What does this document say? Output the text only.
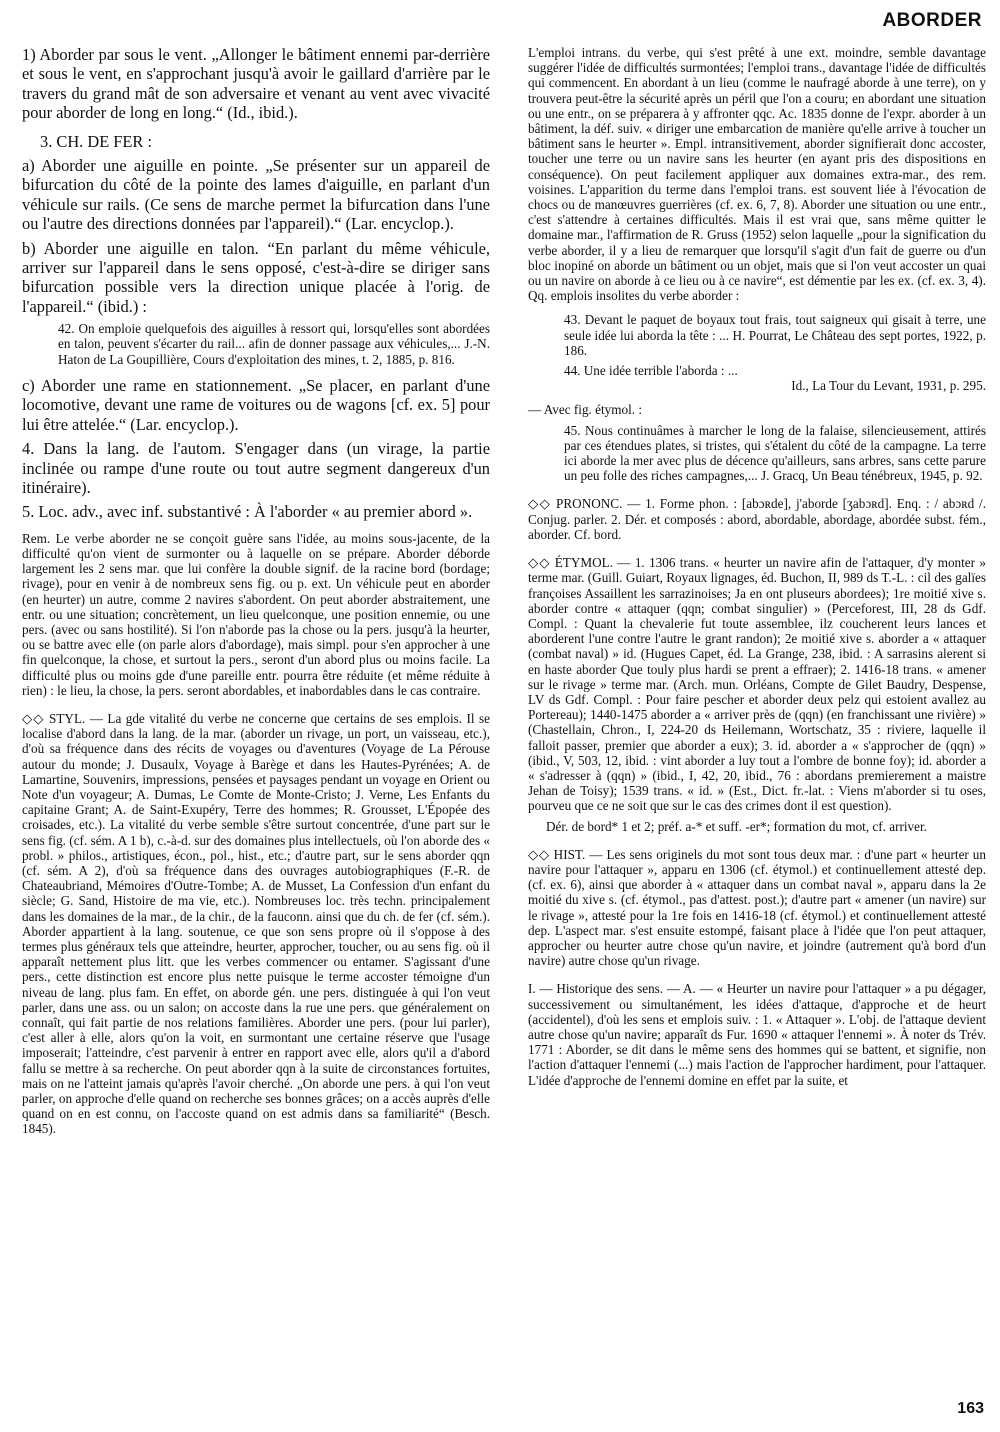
ABORDER

1) Aborder par sous le vent. „Allonger le bâtiment ennemi par-derrière et sous le vent, en s'approchant jusqu'à avoir le gaillard d'arrière par le travers du grand mât de son adversaire et venant au vent avec vivacité pour aborder de long en long.“ (Id., ibid.).

3. CH. DE FER :

a) Aborder une aiguille en pointe. „Se présenter sur un appareil de bifurcation du côté de la pointe des lames d'aiguille, en parlant d'un véhicule sur rails. (Ce sens de marche permet la bifurcation dans l'une ou l'autre des directions données par l'appareil).“ (Lar. encyclop.).

b) Aborder une aiguille en talon. “En parlant du même véhicule, arriver sur l'appareil dans le sens opposé, c'est-à-dire se diriger sans bifurcation possible vers la direction unique placée à l'orig. de l'appareil.“ (ibid.) :

42. On emploie quelquefois des aiguilles à ressort qui, lorsqu'elles sont abordées en talon, peuvent s'écarter du rail... afin de donner passage aux véhicules,... J.-N. Haton de La Goupillière, Cours d'exploitation des mines, t. 2, 1885, p. 816.

c) Aborder une rame en stationnement. „Se placer, en parlant d'une locomotive, devant une rame de voitures ou de wagons [cf. ex. 5] pour lui être attelée.“ (Lar. encyclop.).

4. Dans la lang. de l'autom. S'engager dans (un virage, la partie inclinée ou rampe d'une route ou tout autre segment dangereux d'un itinéraire).

5. Loc. adv., avec inf. substantivé : À l'aborder « au premier abord ».

Rem. Le verbe aborder ne se conçoit guère sans l'idée, au moins sous-jacente, de la difficulté qu'on vient de surmonter ou à laquelle on se prépare. Aborder déborde largement les 2 sens mar. que lui confère la double signif. de la racine bord (bordage; rivage), pour en venir à de nombreux sens fig. ou p. ext. Un véhicule peut en aborder (en heurter) un autre, comme 2 navires s'abordent. On peut aborder abstraitement, une entr. ou une situation; concrètement, un lieu quelconque, une position ennemie, ou une pers. (avec ou sans hostilité). Si l'on n'aborde pas la chose ou la pers. jusqu'à la heurter, ou se battre avec elle (on parle alors d'abordage), mais simpl. pour s'en approcher à une fin quelconque, la chose, et surtout la pers., seront d'un abord plus ou moins facile. La difficulté plus ou moins gde d'une pareille entr. pourra être réduite (et même réduite à rien) : le lieu, la chose, la pers. seront abordables, et inabordables dans le cas contraire.

◇◇ STYL. — La gde vitalité du verbe ne concerne que certains de ses emplois. Il se localise d'abord dans la lang. de la mar. (aborder un rivage, un port, un vaisseau, etc.), d'où sa fréquence dans des récits de voyages ou d'aventures (Voyage de La Pérouse autour du monde; J. Dusaulx, Voyage à Barège et dans les Hautes-Pyrénées; A. de Lamartine, Souvenirs, impressions, pensées et paysages pendant un voyage en Orient ou Note d'un voyageur; A. Dumas, Le Comte de Monte-Cristo; J. Verne, Les Enfants du capitaine Grant; A. de Saint-Exupéry, Terre des hommes; R. Grousset, L'Épopée des croisades, etc.). La vitalité du verbe semble s'être surtout concentrée, d'une part sur le sens fig. (cf. sém. A 1 b), c.-à-d. sur des domaines plus intellectuels, où l'on aborde des « probl. » philos., artistiques, écon., pol., hist., etc.; d'autre part, sur le sens aborder qqn (cf. sém. A 2), d'où sa fréquence dans des ouvrages autobiographiques (F.-R. de Chateaubriand, Mémoires d'Outre-Tombe; A. de Musset, La Confession d'un enfant du siècle; G. Sand, Histoire de ma vie, etc.). Nombreuses loc. très techn. principalement dans les domaines de la mar., de la chir., de la fauconn. ainsi que du ch. de fer (cf. sém.). Aborder appartient à la lang. soutenue, ce que son sens propre où il s'oppose à des termes plus généraux tels que atteindre, heurter, approcher, toucher, ou au sens fig. où il apparaît nettement plus litt. que les verbes commencer ou entamer. S'agissant d'une pers., cette distinction est encore plus nette puisque le terme accoster témoigne d'un niveau de lang. plus fam. En effet, on aborde gén. une pers. distinguée à qui l'on veut parler, dans une ass. ou un salon; on accoste dans la rue une pers. que généralement on connaît, qui fait partie de nos relations familières. Aborder une pers. (pour lui parler), c'est aller à elle, alors qu'on la voit, en surmontant une certaine réserve que l'usage imposerait; l'atteindre, c'est parvenir à entrer en rapport avec elle, alors qu'il a d'abord fallu se mettre à sa recherche. On peut aborder qqn à la suite de circonstances fortuites, mais on ne l'atteint jamais qu'après l'avoir cherché. „On aborde une pers. à qui l'on veut parler, on approche d'elle quand on recherche ses bonnes grâces; on a accès auprès d'elle quand on en est connu, on l'accoste quand on est admis dans sa familiarité“ (Besch. 1845).

L'emploi intrans. du verbe, qui s'est prêté à une ext. moindre, semble davantage suggérer l'idée de difficultés surmontées; l'emploi trans., davantage l'idée de difficultés qui commencent. En abordant à un lieu (comme le naufragé aborde à une terre), on y trouvera peut-être la sécurité après un péril que l'on a couru; en abordant une situation ou une entr., on se préparera à y affronter qqc. Ac. 1835 donne de l'expr. aborder à un bâtiment, la déf. suiv. « diriger une embarcation de manière qu'elle arrive à toucher un bâtiment sans le heurter ». Empl. intransitivement, aborder signifierait donc accoster, toucher une terre ou un navire sans les heurter (en ayant pris des dispositions en conséquence). On peut facilement appliquer aux domaines extra-mar., des rem. voisines. L'apparition du terme dans l'emploi trans. est souvent liée à l'évocation de chocs ou de manœuvres guerrières (cf. ex. 6, 7, 8). Aborder une situation ou une entr., c'est s'attendre à certaines difficultés. Mais il est vrai que, sans même quitter le domaine mar., l'affirmation de R. Gruss (1952) selon laquelle „pour la signification du verbe aborder, il y a lieu de remarquer que lorsqu'il s'agit d'un fait de guerre ou d'un bloc inopiné on aborde un bâtiment ou un objet, mais que si l'on veut accoster un quai ou un navire on aborde à ce lieu ou à ce navire“, est démentie par les ex. (cf. ex. 3, 4). Qq. emplois insolites du verbe aborder :

43. Devant le paquet de boyaux tout frais, tout saigneux qui gisait à terre, une seule idée lui aborda la tête : ... H. Pourrat, Le Château des sept portes, 1922, p. 186.

44. Une idée terrible l'aborda : ...

Id., La Tour du Levant, 1931, p. 295.

— Avec fig. étymol. :

45. Nous continuâmes à marcher le long de la falaise, silencieusement, attirés par ces étendues plates, si tristes, qui s'étalent du côté de la campagne. La terre ici aborde la mer avec plus de décence qu'ailleurs, sans arbres, sans cette parure un peu folle des riches campagnes,... J. Gracq, Un Beau ténébreux, 1945, p. 92.

◇◇ PRONONC. — 1. Forme phon. : [abɔʀde], j'aborde [ʒabɔʀd]. Enq. : / abɔʀd /. Conjug. parler. 2. Dér. et composés : abord, abordable, abordage, abordée subst. fém., aborder. Cf. bord.

◇◇ ÉTYMOL. — 1. 1306 trans. « heurter un navire afin de l'attaquer, d'y monter » terme mar. (Guill. Guiart, Royaux lignages, éd. Buchon, II, 989 ds T.-L. : cil des galïes françoises Assaillent les sarrazinoises; Ja en ont pluseurs abordees); 1re moitié xive s. aborder contre « attaquer (qqn; combat singulier) » (Perceforest, III, 28 ds Gdf. Compl. : Quant la chevalerie fut toute assemblee, ilz coucherent leurs lances et aborderent l'une contre l'autre le grant randon); 2e moitié xive s. aborder a « attaquer (combat naval) » id. (Hugues Capet, éd. La Grange, 238, ibid. : A sarrasins alerent si en haste aborder Que touly plus hardi se prent a effraer); 2. 1416-18 trans. « amener sur le rivage » terme mar. (Arch. mun. Orléans, Compte de Gilet Baudry, Despense, LV ds Gdf. Compl. : Pour faire pescher et aborder deux pelz qui estoient avallez au Portereau); 1440-1475 aborder a « arriver près de (qqn) (en franchissant une rivière) » (Chastellain, Chron., I, 224-20 ds Heilemann, Wortschatz, 35 : riviere, laquelle il falloit passer, premier que aborder a eux); 3. id. aborder a « s'approcher de (qqn) » (ibid., V, 503, 12, ibid. : vint aborder a luy tout a l'ombre de bonne foy); id. aborder a « s'adresser à (qqn) » (ibid., I, 42, 20, ibid., 76 : abordans premierement a maistre Jehan de Toisy); 1539 trans. « id. » (Est., Dict. fr.-lat. : Viens m'aborder si tu oses, pourveu que ce ne soit que sur le cas des crimes dont il est question).

Dér. de bord* 1 et 2; préf. a-* et suff. -er*; formation du mot, cf. arriver.

◇◇ HIST. — Les sens originels du mot sont tous deux mar. : d'une part « heurter un navire pour l'attaquer », apparu en 1306 (cf. étymol.) et continuellement attesté dep. (cf. ex. 6), ainsi que aborder à « attaquer dans un combat naval », apparu dans la 2e moitié du xive s. (cf. étymol., pas d'attest. post.); d'autre part « amener (un navire) sur le rivage », attesté pour la 1re fois en 1416-18 (cf. étymol.) et continuellement attesté dep. L'aspect mar. s'est ensuite estompé, faisant place à l'idée que l'on peut attaquer, approcher ou heurter autre chose qu'un navire, et joindre (autrement qu'à bord d'un navire) autre chose qu'un rivage.

I. — Historique des sens. — A. — « Heurter un navire pour l'attaquer » a pu dégager, successivement ou simultanément, les idées d'attaque, d'approche et de heurt (accidentel), d'où les sens et emplois suiv. : 1. « Attaquer ». L'obj. de l'attaque devient autre chose qu'un navire; apparaît ds Fur. 1690 « attaquer l'ennemi ». À noter ds Trév. 1771 : Aborder, se dit dans le même sens des hommes qui se battent, et signifie, non l'action d'attaquer l'ennemi (...) mais l'action de l'approcher hardiment, pour l'attaquer. L'idée d'approche de l'ennemi domine en effet par la suite, et

163
